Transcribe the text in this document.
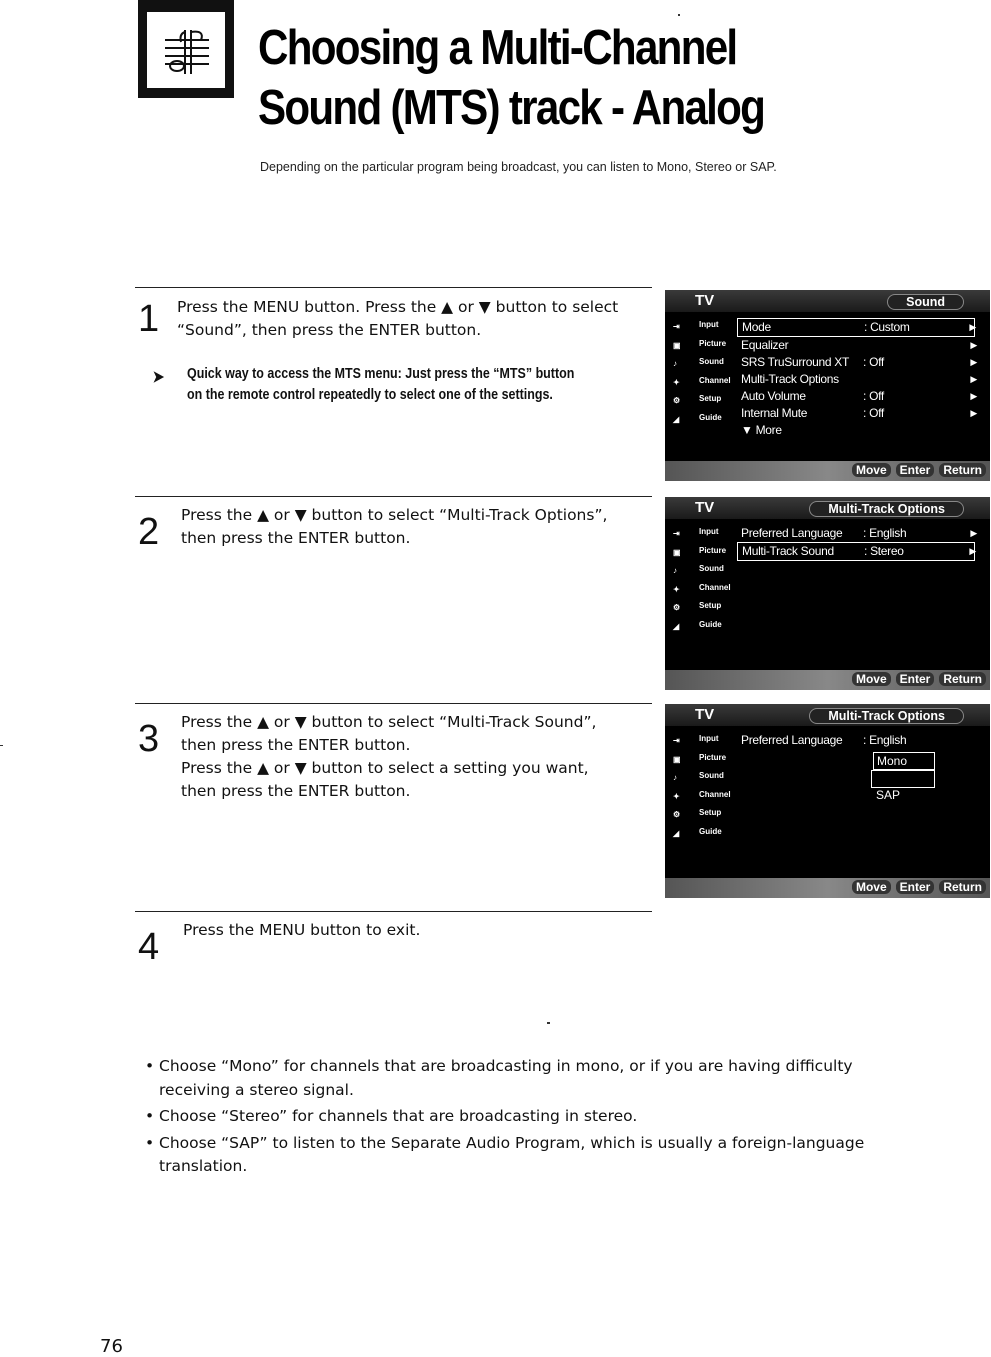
Choosing a Multi-Channel
Sound (MTS) track - Analog
Depending on the particular program being broadcast, you can listen to Mono, Stereo or SAP.
1 Press the MENU button. Press the ▲ or ▼ button to select
“Sound”, then press the ENTER button.
➤ Quick way to access the MTS menu: Just press the “MTS” button
on the remote control repeatedly to select one of the settings.
2 Press the ▲ or ▼ button to select “Multi-Track Options”,
then press the ENTER button.
3 Press the ▲ or ▼ button to select “Multi-Track Sound”,
then press the ENTER button.
Press the ▲ or ▼ button to select a setting you want,
then press the ENTER button.
4 Press the MENU button to exit.
TV	Sound
⇥	Input
▣	Picture
♪	Sound
✦	Channel
⚙	Setup
◢	Guide
Mode	: Custom	▶
Equalizer	▶
SRS TruSurround XT : Off	▶
Multi-Track Options	▶
Auto Volume	: Off	▶
Internal Mute	: Off	▶
▼ More
Move Enter Return
TV	Multi-Track Options
⇥	Input
▣	Picture
♪	Sound
✦	Channel
⚙	Setup
◢	Guide
Preferred Language : English	▶
Multi-Track Sound	: Stereo	▶
Move Enter Return
TV	Multi-Track Options
⇥	Input
▣	Picture
♪	Sound
✦	Channel
⚙	Setup
◢	Guide
Preferred Language : English
Mono
SAP
Move Enter Return
• Choose “Mono” for channels that are broadcasting in mono, or if you are having difficulty receiving a stereo signal.
• Choose “Stereo” for channels that are broadcasting in stereo.
• Choose “SAP” to listen to the Separate Audio Program, which is usually a foreign-language translation.
76
